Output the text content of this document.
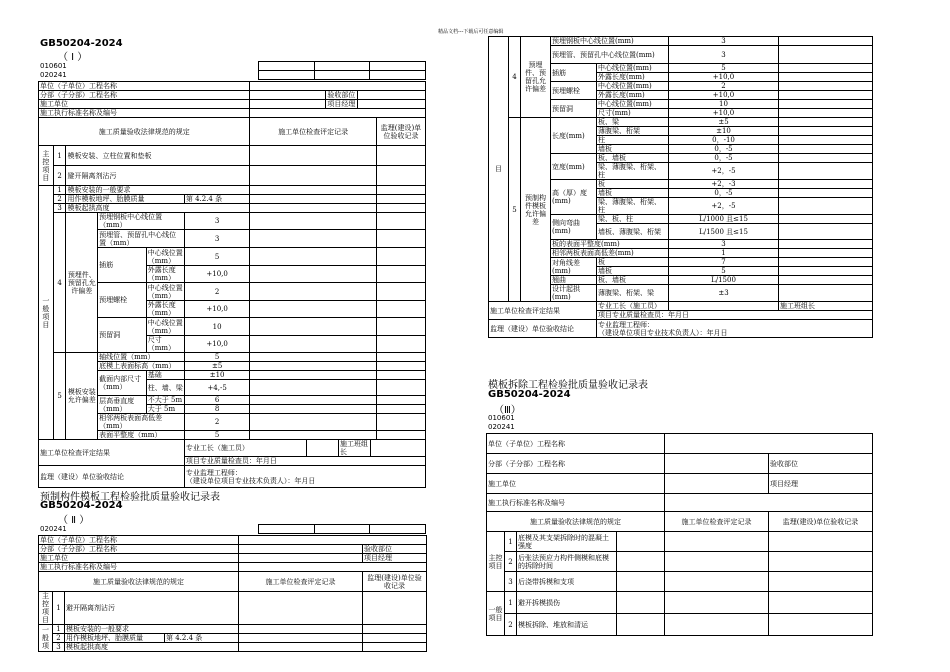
精品文档---下载后可任意编辑
GB50204-2024
（ Ⅰ ）
010601
020241

单位（子单位）工程名称												
分部（子分部）工程名称								验收部位				
施工单位								项目经理				
施工执行标准名称及编号												
施工质量验收法律规范的规定						施工单位检查评定记录						监理(建设)单位验收记录
主控项目	1	模板安装、立柱位置和垫板										
	2	避开隔离剂沾污										
一般项目	1	模板安装的一般要求										
	2	用作模板地坪、胎膜质量			第 4.2.4 条							
	3	模板起拱高度										
	4	预埋件、预留孔允许偏差	预埋钢板中心线位置（mm）		3							
			预埋管、预留孔中心线位置（mm）		3							
			插筋	中心线位置（mm）	5							
				外露长度（mm）	+10,0							
			预埋螺栓	中心线位置（mm）	2							
				外露长度（mm）	+10,0							
			预留洞	中心线位置（mm）	10							
				尺寸（mm）	+10,0							
	5	模板安装允许偏差	轴线位置（mm）		5							
			底模上表面标高（mm）		±5							
			截面内部尺寸（mm）	基础	±10							
				柱、墙、梁	+4,-5							
			层高垂直度（mm）	不大于 5m	6							
				大于 5m	8							
			相邻两板表面高低差（mm）		2							
			表面平整度（mm）		5							
施工单位检查评定结果					专业工长（施工员）				施工班组长			
					项目专业质量检查员：年月日							
监理（建设）单位验收结论					专业监理工程师：
（建设单位项目专业技术负责人）：年月日							
预制构件模板工程检验批质量验收记录表
GB50204-2024
（ Ⅱ ）
020241

单位（子单位）工程名称					
分部（子分部）工程名称					验收部位
施工单位					项目经理
施工执行标准名称及编号					
施工质量验收法律规范的规定				施工单位检查评定记录	监理(建设)单位验收记录
主控项目	1	避开隔离剂沾污			
一般项	1	模板安装的一般要求			
	2	用作模板地坪、胎膜质量	第 4.2.4 条		
	3	模板起拱高度			
目	4	预埋件、预留孔允许偏差	预埋钢板中心线位置(mm)		3	
			预埋管、预留孔中心线位置(mm)		3	
			插筋	中心线位置(mm)	5	
				外露长度(mm)	+10,0	
			预埋螺栓	中心线位置(mm)	2	
				外露长度(mm)	+10,0	
			预留洞	中心线位置(mm)	10	
				尺寸(mm)	+10,0	
	5	预制构件模板允许偏差	长度(mm)	板、梁	±5	
				薄腹梁、桁架	±10	
				柱	0，-10	
				墙板	0，-5	
			宽度(mm)	板、墙板	0，-5	
				梁、薄腹梁、桁架、柱	+2，-5	
			高（厚）度(mm)	板	+2，-3	
				墙板	0，-5	
				梁、薄腹梁、桁架、柱	+2，-5	
			侧向弯曲(mm)	梁、板、柱	L/1000 且≤15	
				墙板、薄腹梁、桁架	L/1500 且≤15	
			板的表面平整度(mm)		3	
			相邻两板表面高低差(mm)		1	
			对角线差(mm)	板	7	
				墙板	5	
			翘曲	板、墙板	L/1500	
			设计起拱(mm)	薄腹梁、桁架、梁	±3	
施工单位检查评定结果				专业工长（施工员）		施工班组长
				项目专业质量检查员：年月日		
监理（建设）单位验收结论				专业监理工程师：
（建设单位项目专业技术负责人）：年月日		
模板拆除工程检验批质量验收记录表
GB50204-2024
（Ⅲ）
010601
020241
单位（子单位）工程名称					
分部（子分部）工程名称					验收部位
施工单位					项目经理
施工执行标准名称及编号					
施工质量验收法律规范的规定				施工单位检查评定记录	监理(建设)单位验收记录
主控项目	1	底模及其支架拆除时的混凝土强度			
	2	后张法预应力构件侧模和底模的拆除时间			
	3	后浇带拆模和支项			
一般项目	1	避开拆模损伤			
	2	模板拆除、堆放和清运			
